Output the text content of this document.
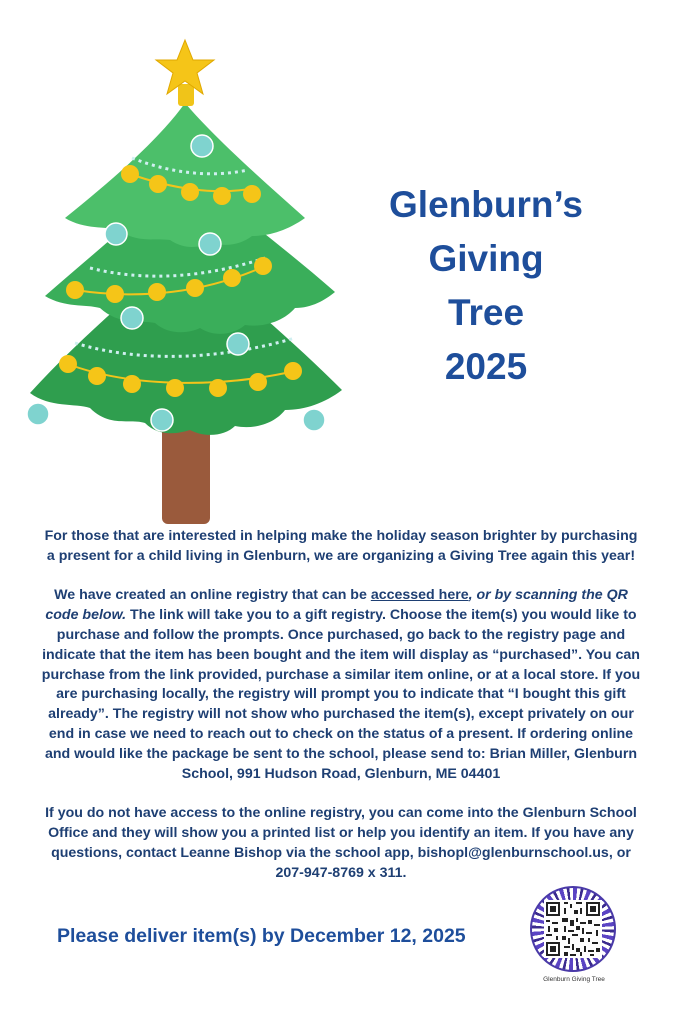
Glenburn’s
Giving
Tree
2025

For those that are interested in helping make the holiday season brighter by purchasing a present for a child living in Glenburn, we are organizing a Giving Tree again this year!

We have created an online registry that can be accessed here, or by scanning the QR code below. The link will take you to a gift registry. Choose the item(s) you would like to purchase and follow the prompts. Once purchased, go back to the registry page and indicate that the item has been bought and the item will display as “purchased”. You can purchase from the link provided, purchase a similar item online, or at a local store. If you are purchasing locally, the registry will prompt you to indicate that “I bought this gift already”. The registry will not show who purchased the item(s), except privately on our end in case we need to reach out to check on the status of a present. If ordering online and would like the package be sent to the school, please send to: Brian Miller, Glenburn School, 991 Hudson Road, Glenburn, ME 04401

If you do not have access to the online registry, you can come into the Glenburn School Office and they will show you a printed list or help you identify an item. If you have any questions, contact Leanne Bishop via the school app, bishopl@glenburnschool.us, or 207-947-8769 x 311.

Please deliver item(s) by December 12, 2025
Glenburn Giving Tree
